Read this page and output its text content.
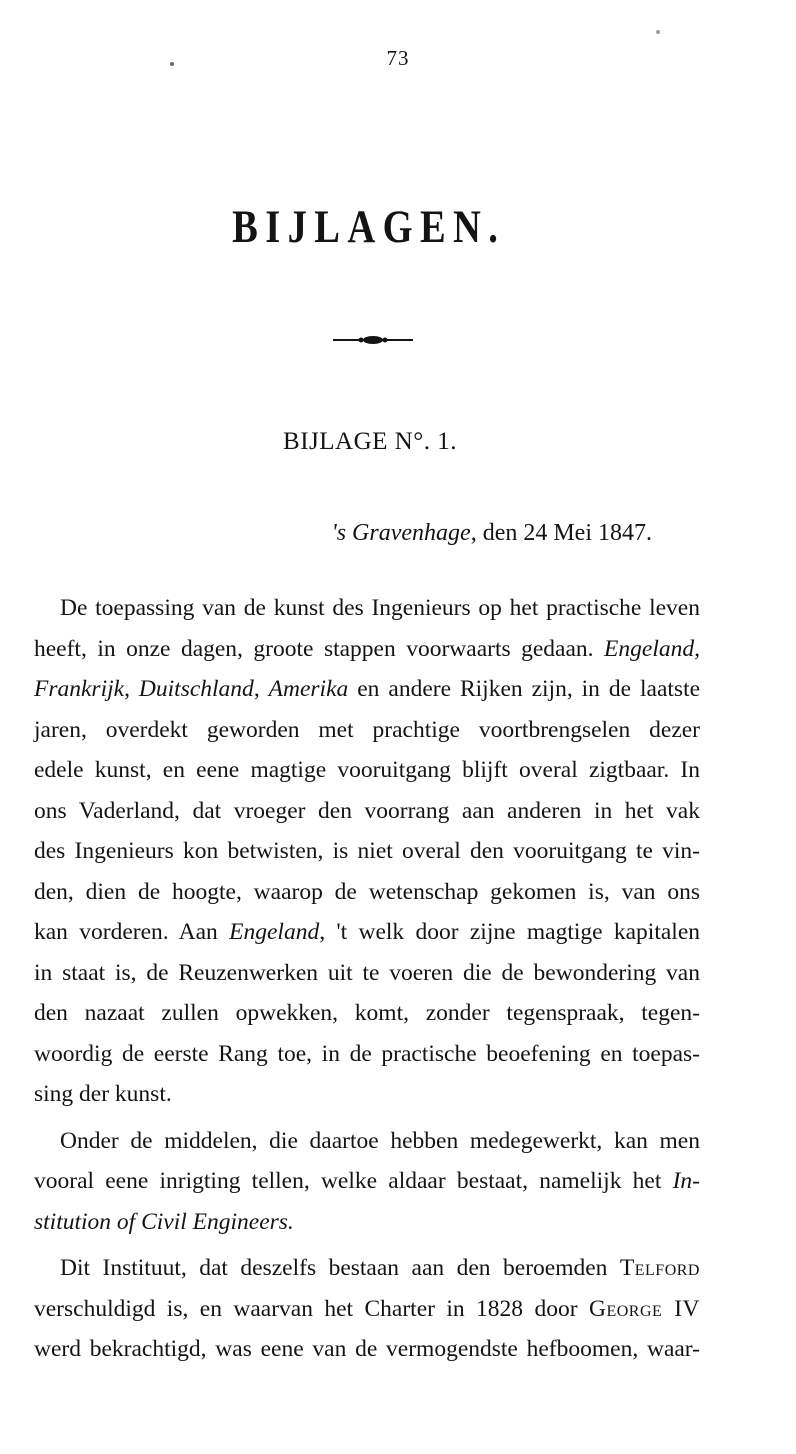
73
BIJLAGEN.
BIJLAGE N°. 1.
's Gravenhage, den 24 Mei 1847.
De toepassing van de kunst des Ingenieurs op het practische leven
heeft, in onze dagen, groote stappen voorwaarts gedaan. Engeland,
Frankrijk, Duitschland, Amerika en andere Rijken zijn, in de laatste
jaren, overdekt geworden met prachtige voortbrengselen dezer
edele kunst, en eene magtige vooruitgang blijft overal zigtbaar. In
ons Vaderland, dat vroeger den voorrang aan anderen in het vak
des Ingenieurs kon betwisten, is niet overal den vooruitgang te vin-
den, dien de hoogte, waarop de wetenschap gekomen is, van ons
kan vorderen. Aan Engeland, 't welk door zijne magtige kapitalen
in staat is, de Reuzenwerken uit te voeren die de bewondering van
den nazaat zullen opwekken, komt, zonder tegenspraak, tegen-
woordig de eerste Rang toe, in de practische beoefening en toepas-
sing der kunst.
Onder de middelen, die daartoe hebben medegewerkt, kan men
vooral eene inrigting tellen, welke aldaar bestaat, namelijk het In-
stitution of Civil Engineers.
Dit Instituut, dat deszelfs bestaan aan den beroemden Telford
verschuldigd is, en waarvan het Charter in 1828 door George IV
werd bekrachtigd, was eene van de vermogendste hefboomen, waar-
